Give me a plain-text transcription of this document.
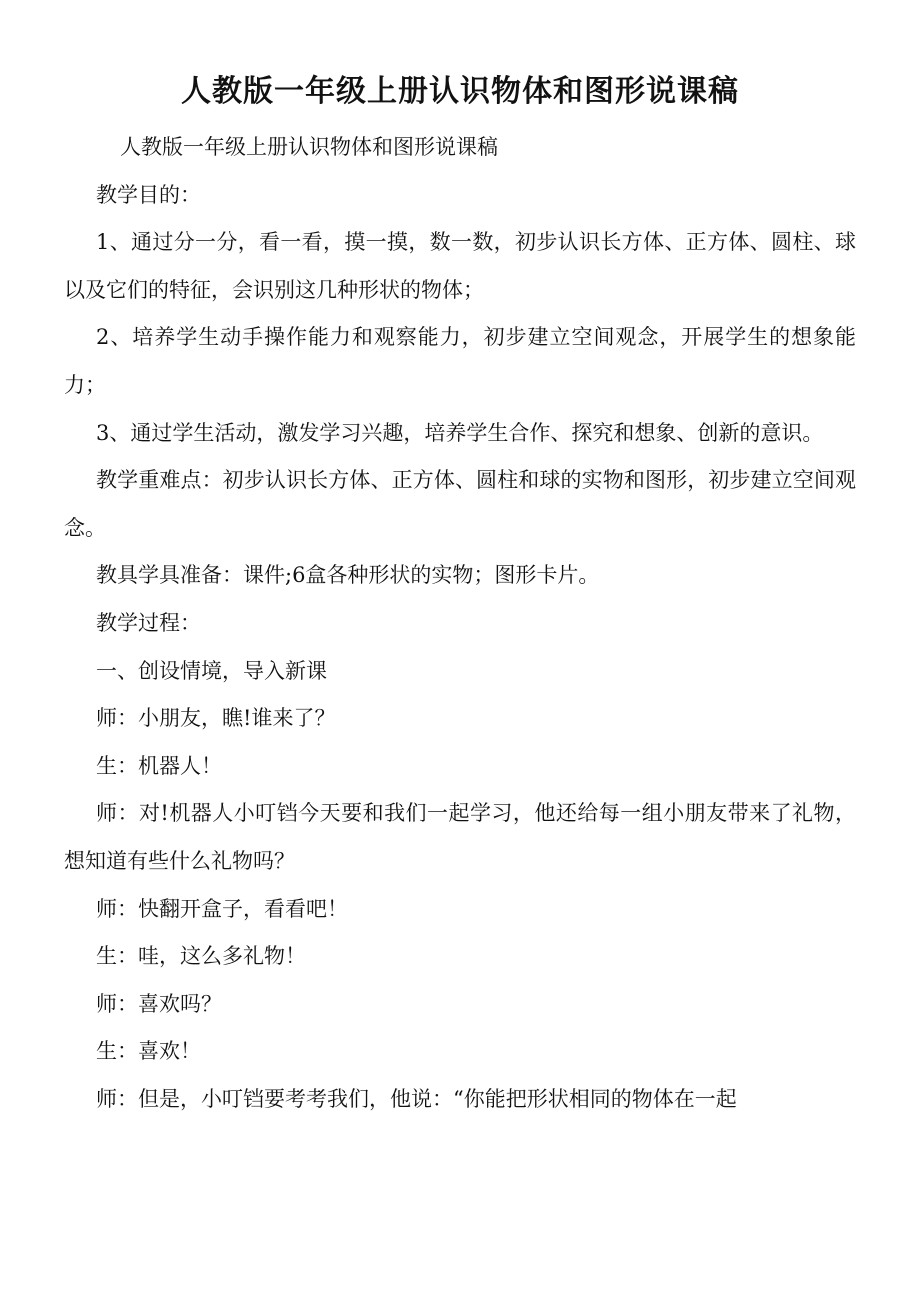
人教版一年级上册认识物体和图形说课稿

人教版一年级上册认识物体和图形说课稿

教学目的：

1、通过分一分，看一看，摸一摸，数一数，初步认识长方体、正方体、圆柱、球以及它们的特征，会识别这几种形状的物体；

2、培养学生动手操作能力和观察能力，初步建立空间观念，开展学生的想象能力；

3、通过学生活动，激发学习兴趣，培养学生合作、探究和想象、创新的意识。

教学重难点：初步认识长方体、正方体、圆柱和球的实物和图形，初步建立空间观念。

教具学具准备：课件;6盒各种形状的实物；图形卡片。

教学过程：

一、创设情境，导入新课

师：小朋友，瞧!谁来了？

生：机器人！

师：对!机器人小叮铛今天要和我们一起学习，他还给每一组小朋友带来了礼物，想知道有些什么礼物吗？

师：快翻开盒子，看看吧！

生：哇，这么多礼物！

师：喜欢吗？

生：喜欢！

师：但是，小叮铛要考考我们，他说：“你能把形状相同的物体在一起
